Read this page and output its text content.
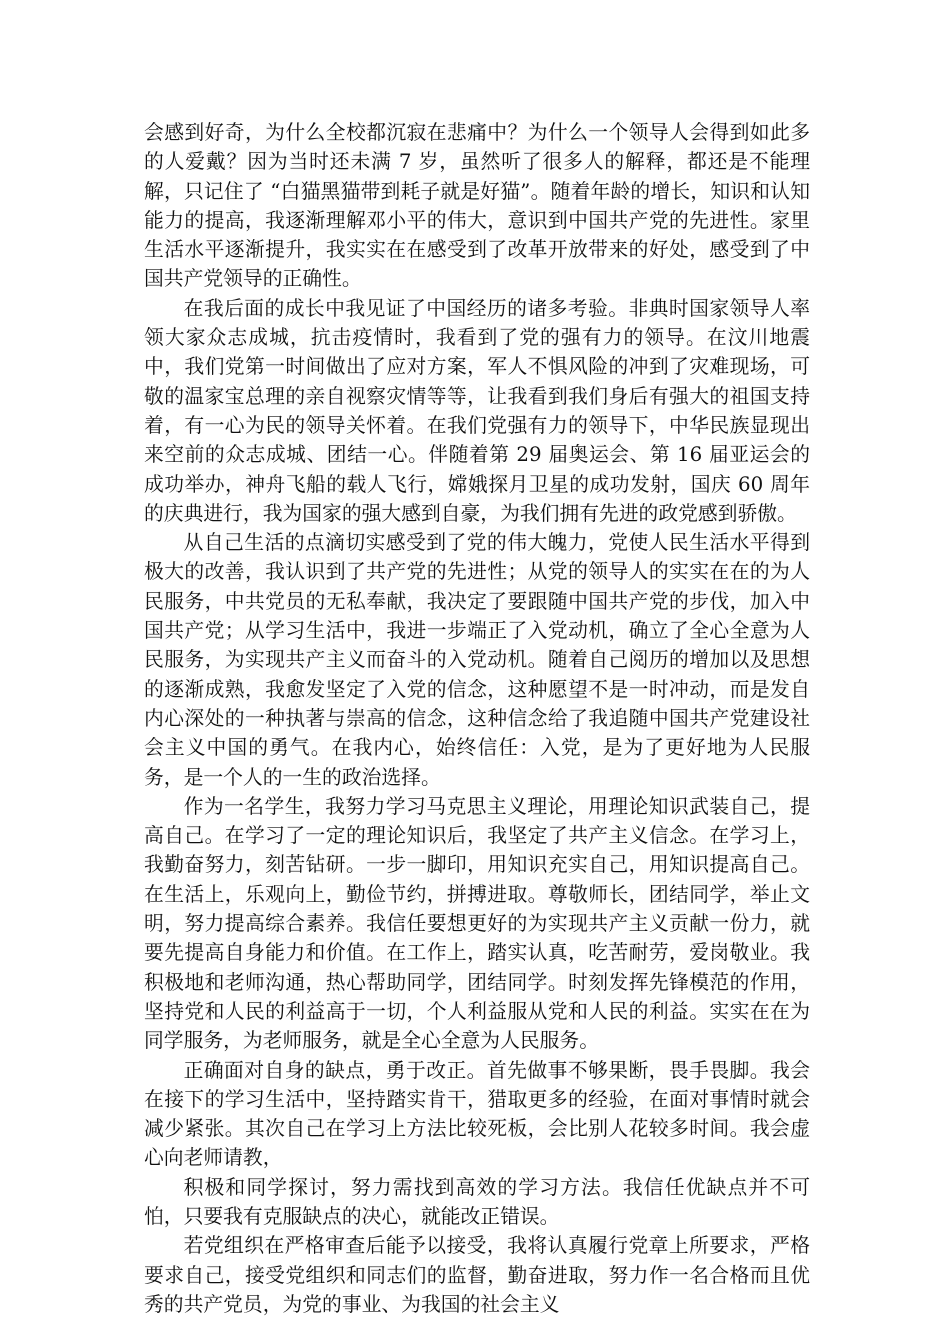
会感到好奇，为什么全校都沉寂在悲痛中？为什么一个领导人会得到如此多的人爱戴？因为当时还未满 7 岁，虽然听了很多人的解释，都还是不能理解，只记住了 “白猫黑猫带到耗子就是好猫”。随着年龄的增长，知识和认知能力的提高，我逐渐理解邓小平的伟大，意识到中国共产党的先进性。家里生活水平逐渐提升，我实实在在感受到了改革开放带来的好处，感受到了中国共产党领导的正确性。

在我后面的成长中我见证了中国经历的诸多考验。非典时国家领导人率领大家众志成城，抗击疫情时，我看到了党的强有力的领导。在汶川地震中，我们党第一时间做出了应对方案，军人不惧风险的冲到了灾难现场，可敬的温家宝总理的亲自视察灾情等等，让我看到我们身后有强大的祖国支持着，有一心为民的领导关怀着。在我们党强有力的领导下，中华民族显现出来空前的众志成城、团结一心。伴随着第 29 届奥运会、第 16 届亚运会的成功举办，神舟飞船的载人飞行，嫦娥探月卫星的成功发射，国庆 60 周年的庆典进行，我为国家的强大感到自豪，为我们拥有先进的政党感到骄傲。

从自己生活的点滴切实感受到了党的伟大魄力，党使人民生活水平得到极大的改善，我认识到了共产党的先进性；从党的领导人的实实在在的为人民服务，中共党员的无私奉献，我决定了要跟随中国共产党的步伐，加入中国共产党；从学习生活中，我进一步端正了入党动机，确立了全心全意为人民服务，为实现共产主义而奋斗的入党动机。随着自己阅历的增加以及思想的逐渐成熟，我愈发坚定了入党的信念，这种愿望不是一时冲动，而是发自内心深处的一种执著与崇高的信念，这种信念给了我追随中国共产党建设社会主义中国的勇气。在我内心，始终信任：入党，是为了更好地为人民服务，是一个人的一生的政治选择。

作为一名学生，我努力学习马克思主义理论，用理论知识武装自己，提高自己。在学习了一定的理论知识后，我坚定了共产主义信念。在学习上，我勤奋努力，刻苦钻研。一步一脚印，用知识充实自己，用知识提高自己。在生活上，乐观向上，勤俭节约，拼搏进取。尊敬师长，团结同学，举止文明，努力提高综合素养。我信任要想更好的为实现共产主义贡献一份力，就要先提高自身能力和价值。在工作上，踏实认真，吃苦耐劳，爱岗敬业。我积极地和老师沟通，热心帮助同学，团结同学。时刻发挥先锋模范的作用，坚持党和人民的利益高于一切，个人利益服从党和人民的利益。实实在在为同学服务，为老师服务，就是全心全意为人民服务。

正确面对自身的缺点，勇于改正。首先做事不够果断，畏手畏脚。我会在接下的学习生活中，坚持踏实肯干，猎取更多的经验，在面对事情时就会减少紧张。其次自己在学习上方法比较死板，会比别人花较多时间。我会虚心向老师请教，

积极和同学探讨，努力需找到高效的学习方法。我信任优缺点并不可怕，只要我有克服缺点的决心，就能改正错误。

若党组织在严格审查后能予以接受，我将认真履行党章上所要求，严格要求自己，接受党组织和同志们的监督，勤奋进取，努力作一名合格而且优秀的共产党员，为党的事业、为我国的社会主义
